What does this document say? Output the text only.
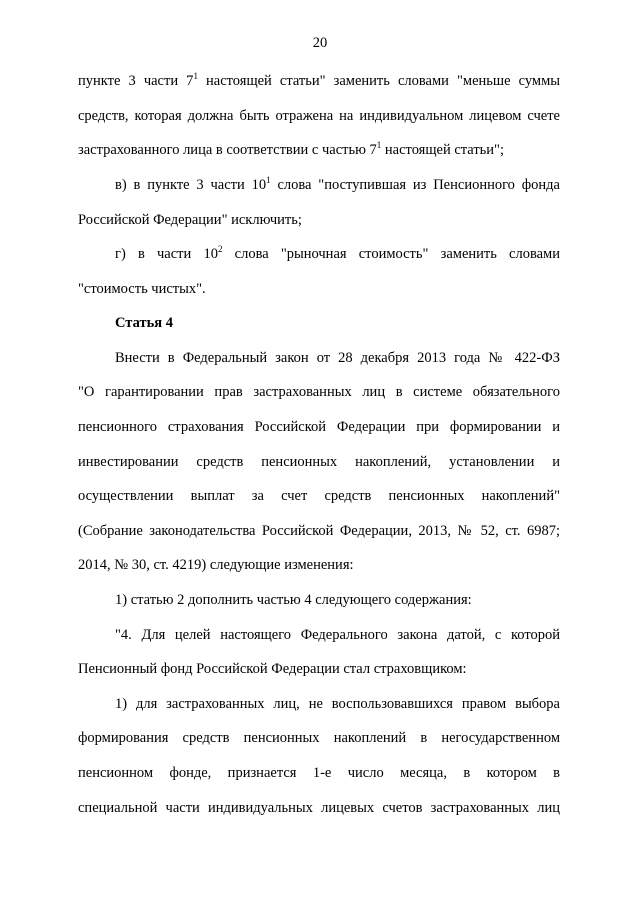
20
пункте 3 части $7^1$ настоящей статьи" заменить словами "меньше суммы
средств, которая должна быть отражена на индивидуальном лицевом счете
застрахованного лица в соответствии с частью $7^1$ настоящей статьи";
в) в пункте 3 части $10^1$ слова "поступившая из Пенсионного фонда
Российской Федерации" исключить;
г) в части $10^2$ слова "рыночная стоимость" заменить словами
"стоимость чистых".
Статья 4
Внести в Федеральный закон от 28 декабря 2013 года № 422-ФЗ
"О гарантировании прав застрахованных лиц в системе обязательного
пенсионного страхования Российской Федерации при формировании и
инвестировании средств пенсионных накоплений, установлении и
осуществлении выплат за счет средств пенсионных накоплений"
(Собрание законодательства Российской Федерации, 2013, № 52, ст. 6987;
2014, № 30, ст. 4219) следующие изменения:
1) статью 2 дополнить частью 4 следующего содержания:
"4. Для целей настоящего Федерального закона датой, с которой
Пенсионный фонд Российской Федерации стал страховщиком:
1) для застрахованных лиц, не воспользовавшихся правом выбора
формирования средств пенсионных накоплений в негосударственном
пенсионном фонде, признается 1-е число месяца, в котором в
специальной части индивидуальных лицевых счетов застрахованных лиц
